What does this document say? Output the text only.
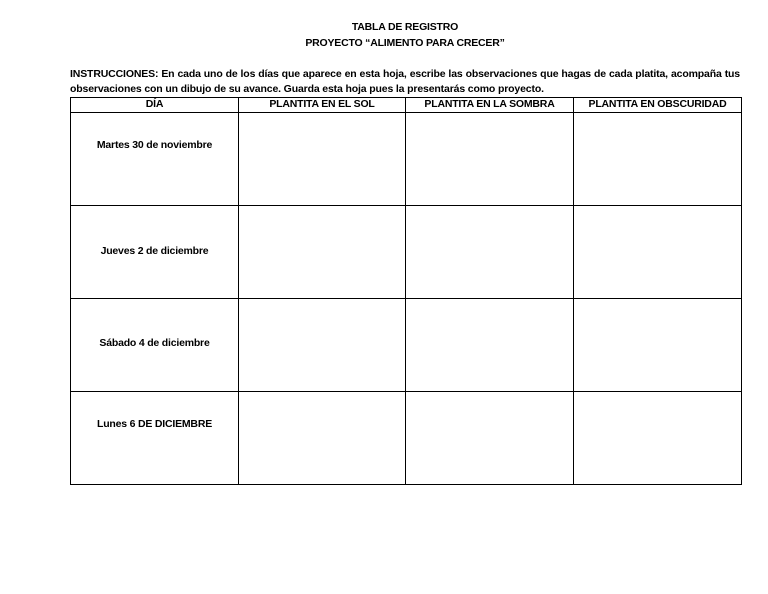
TABLA DE REGISTRO
PROYECTO “ALIMENTO PARA CRECER”
INSTRUCCIONES: En cada uno de los días que aparece en esta hoja, escribe las observaciones que hagas de cada platita, acompaña tus observaciones con un dibujo de su avance. Guarda esta hoja pues la presentarás como proyecto.
DÍA	PLANTITA EN EL SOL	PLANTITA EN LA SOMBRA	PLANTITA EN OBSCURIDAD

Martes 30 de noviembre			

Jueves 2 de diciembre			

Sábado 4 de diciembre			

Lunes 6 DE DICIEMBRE			
